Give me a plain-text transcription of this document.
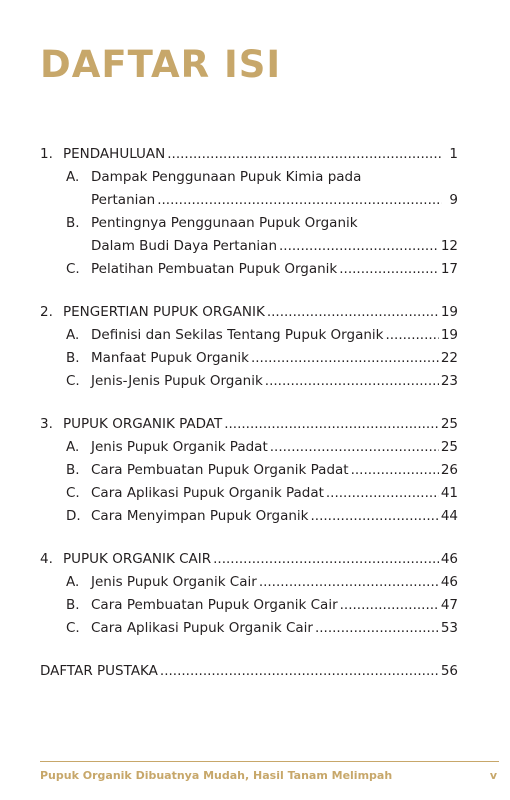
DAFTAR ISI
1. PENDAHULUAN .....	1
A. Dampak Penggunaan Pupuk Kimia pada
Pertanian .....	9
B. Pentingnya Penggunaan Pupuk Organik
Dalam Budi Daya Pertanian .....	12
C. Pelatihan Pembuatan Pupuk Organik .....	17
2. PENGERTIAN PUPUK ORGANIK .....	19
A. Definisi dan Sekilas Tentang Pupuk Organik .....	19
B. Manfaat Pupuk Organik .....	22
C. Jenis-Jenis Pupuk Organik .....	23
3. PUPUK ORGANIK PADAT .....	25
A. Jenis Pupuk Organik Padat .....	25
B. Cara Pembuatan Pupuk Organik Padat .....	26
C. Cara Aplikasi Pupuk Organik Padat .....	41
D. Cara Menyimpan Pupuk Organik .....	44
4. PUPUK ORGANIK CAIR .....	46
A. Jenis Pupuk Organik Cair .....	46
B. Cara Pembuatan Pupuk Organik Cair .....	47
C. Cara Aplikasi Pupuk Organik Cair .....	53
DAFTAR PUSTAKA .....	56
Pupuk Organik Dibuatnya Mudah, Hasil Tanam Melimpah	v
